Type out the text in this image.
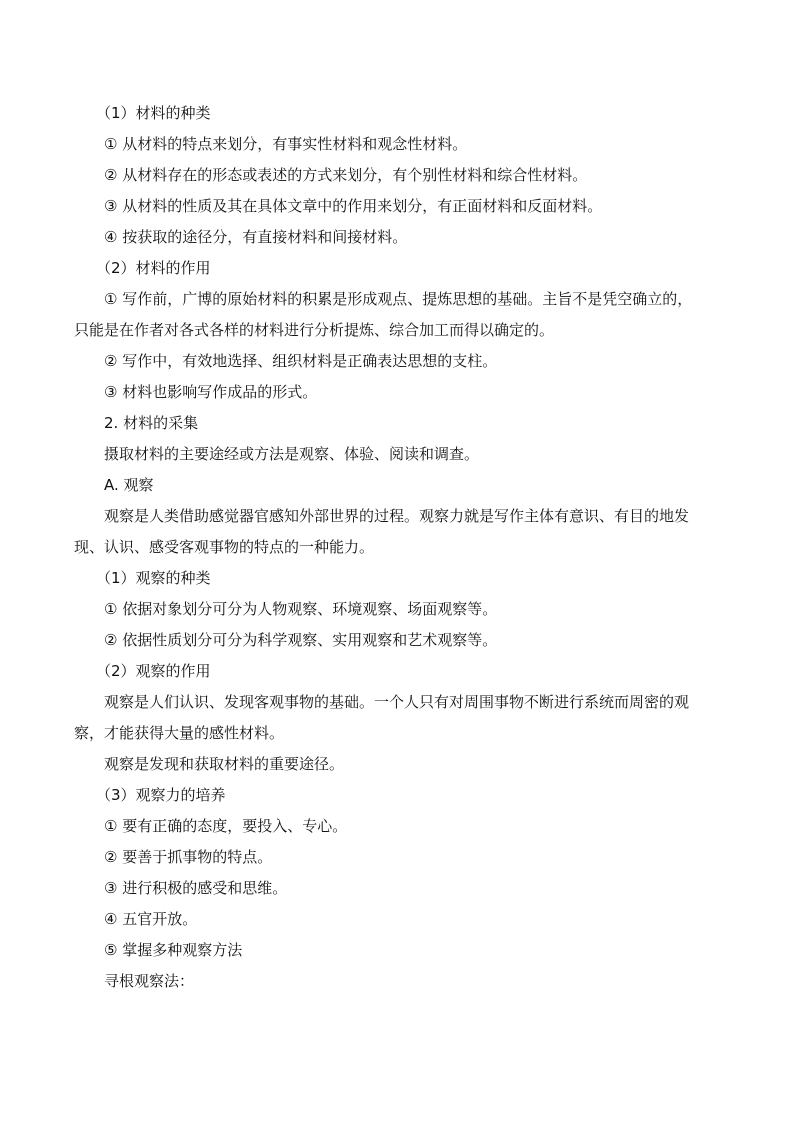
（1）材料的种类
① 从材料的特点来划分，有事实性材料和观念性材料。
② 从材料存在的形态或表述的方式来划分，有个别性材料和综合性材料。
③ 从材料的性质及其在具体文章中的作用来划分，有正面材料和反面材料。
④ 按获取的途径分，有直接材料和间接材料。
（2）材料的作用
① 写作前，广博的原始材料的积累是形成观点、提炼思想的基础。主旨不是凭空确立的，
只能是在作者对各式各样的材料进行分析提炼、综合加工而得以确定的。
② 写作中，有效地选择、组织材料是正确表达思想的支柱。
③ 材料也影响写作成品的形式。
2. 材料的采集
摄取材料的主要途经或方法是观察、体验、阅读和调查。
A. 观察
观察是人类借助感觉器官感知外部世界的过程。观察力就是写作主体有意识、有目的地发
现、认识、感受客观事物的特点的一种能力。
（1）观察的种类
① 依据对象划分可分为人物观察、环境观察、场面观察等。
② 依据性质划分可分为科学观察、实用观察和艺术观察等。
（2）观察的作用
观察是人们认识、发现客观事物的基础。一个人只有对周围事物不断进行系统而周密的观
察，才能获得大量的感性材料。
观察是发现和获取材料的重要途径。
（3）观察力的培养
① 要有正确的态度，要投入、专心。
② 要善于抓事物的特点。
③ 进行积极的感受和思维。
④ 五官开放。
⑤ 掌握多种观察方法
寻根观察法：
